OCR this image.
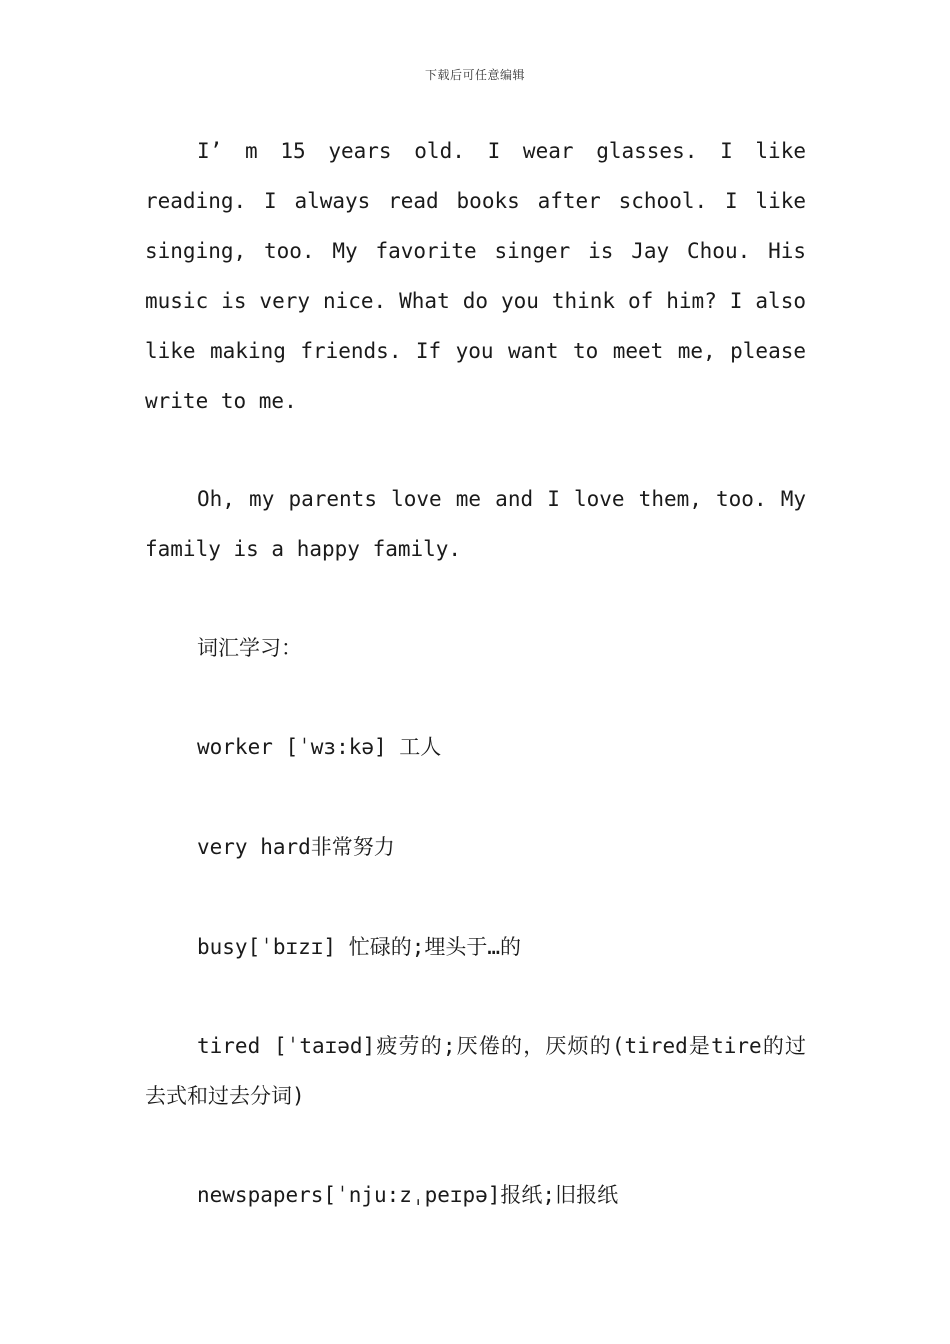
下载后可任意编辑

I’ m 15 years old. I wear glasses. I like reading. I always read books after school. I like singing, too. My favorite singer is Jay Chou. His music is very nice. What do you think of him? I also like making friends. If you want to meet me, please write to me.

Oh, my parents love me and I love them, too. My family is a happy family.

词汇学习：

worker [ˈwɜ:kə] 工人

very hard非常努力

busy[ˈbɪzɪ] 忙碌的;埋头于…的

tired [ˈtaɪəd]疲劳的;厌倦的，厌烦的(tired是tire的过去式和过去分词)

newspapers[ˈnju:zˌpeɪpə]报纸;旧报纸
